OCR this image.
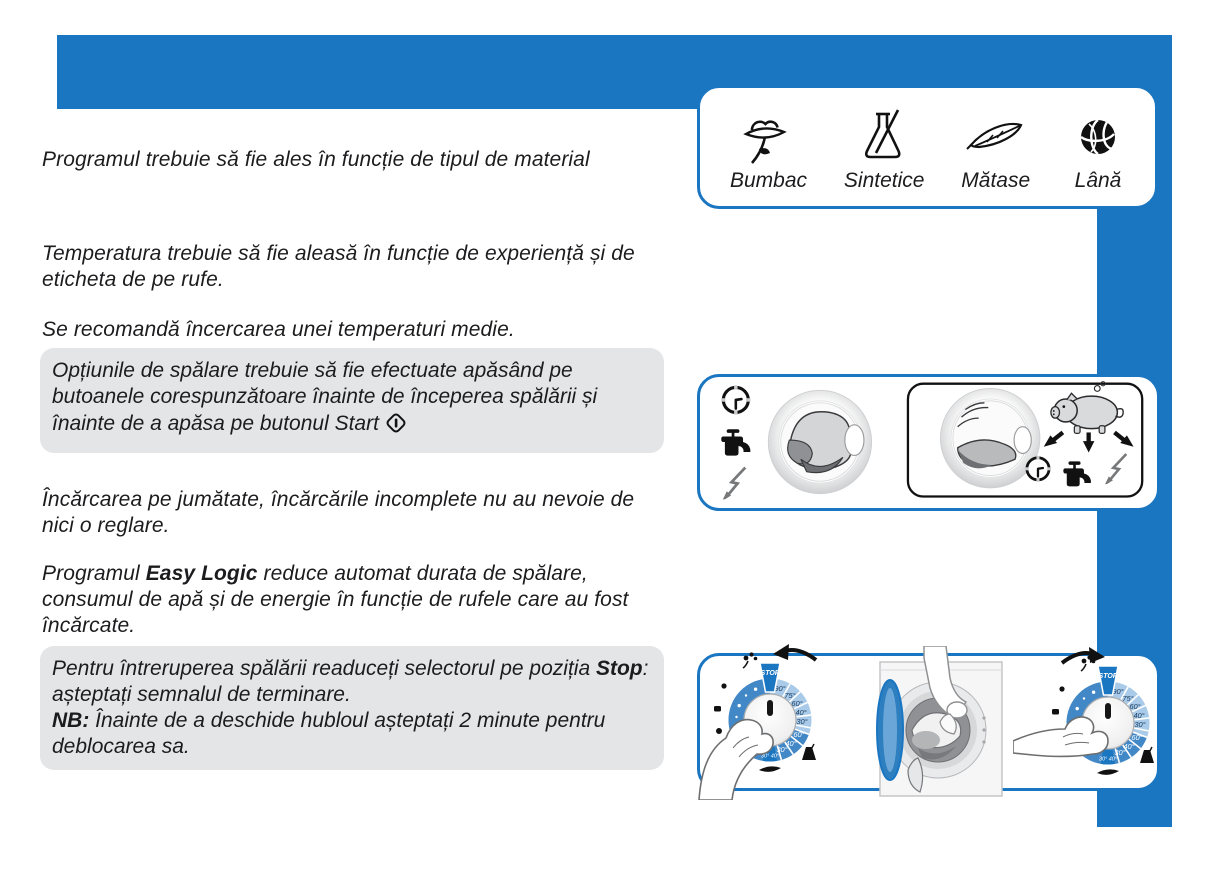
Programul trebuie să fie ales în funcție de tipul de material

Temperatura trebuie să fie aleasă în funcție de experiență și de eticheta de pe rufe.

Se recomandă încercarea unei temperaturi medie.

Opțiunile de spălare trebuie să fie efectuate apăsând pe butoanele corespunzătoare înainte de începerea spălării și înainte de a apăsa pe butonul Start

Încărcarea pe jumătate, încărcările incomplete nu au nevoie de nici o reglare.

Programul Easy Logic reduce automat durata de spălare, consumul de apă și de energie în funcție de rufele care au fost încărcate.

Pentru întreruperea spălării readuceți selectorul pe poziția Stop: așteptați semnalul de terminare.
NB: Înainte de a deschide hubloul așteptați 2 minute pentru deblocarea sa.
Bumbac Sintetice Mătase Lână
